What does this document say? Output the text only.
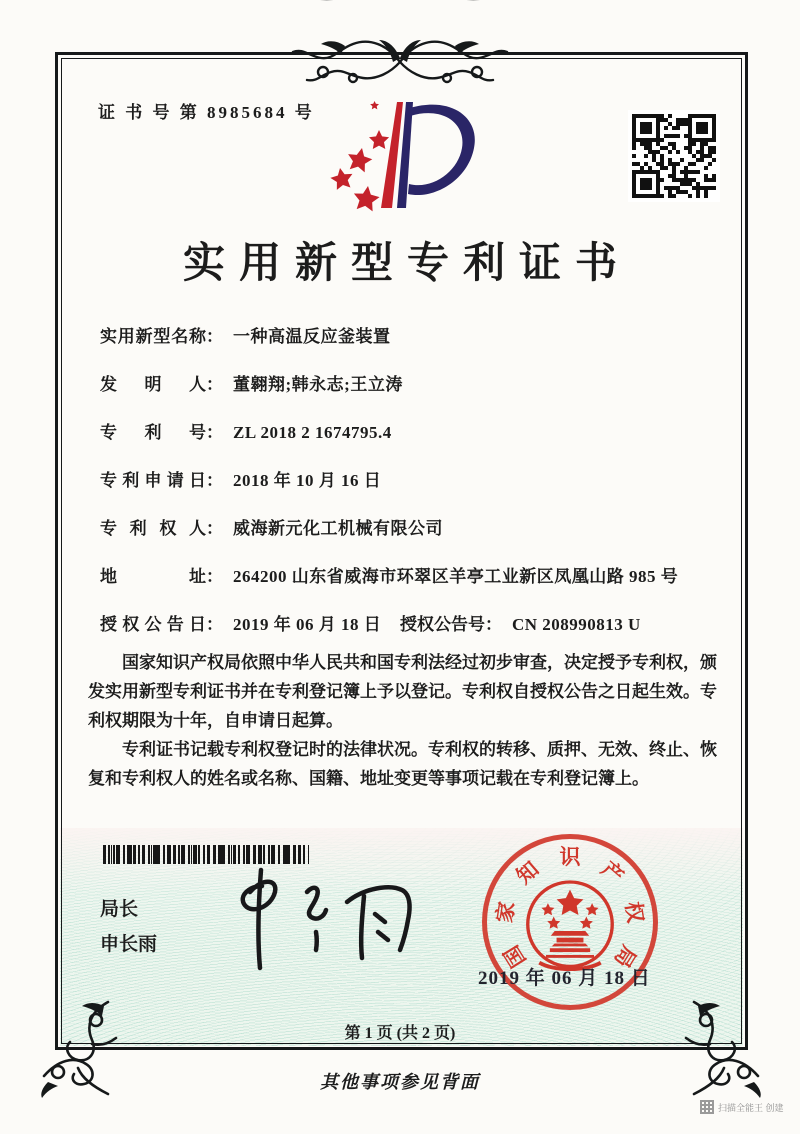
证 书 号 第 8985684 号
实用新型专利证书
实用新型名称： 一种高温反应釜装置
发明人： 董翱翔;韩永志;王立涛
专利号： ZL 2018 2 1674795.4
专利申请日： 2018 年 10 月 16 日
专利权人： 威海新元化工机械有限公司
地址： 264200 山东省威海市环翠区羊亭工业新区凤凰山路 985 号
授权公告日： 2019 年 06 月 18 日 授权公告号： CN 208990813 U

国家知识产权局依照中华人民共和国专利法经过初步审查，决定授予专利权，颁发实用新型专利证书并在专利登记簿上予以登记。专利权自授权公告之日起生效。专利权期限为十年，自申请日起算。

专利证书记载专利权登记时的法律状况。专利权的转移、质押、无效、终止、恢复和专利权人的姓名或名称、国籍、地址变更等事项记载在专利登记簿上。

局长
申长雨	国
家
知 识 产
权
局
2019 年 06 月 18 日
第 1 页 (共 2 页)
其他事项参见背面
扫描全能王 创建
